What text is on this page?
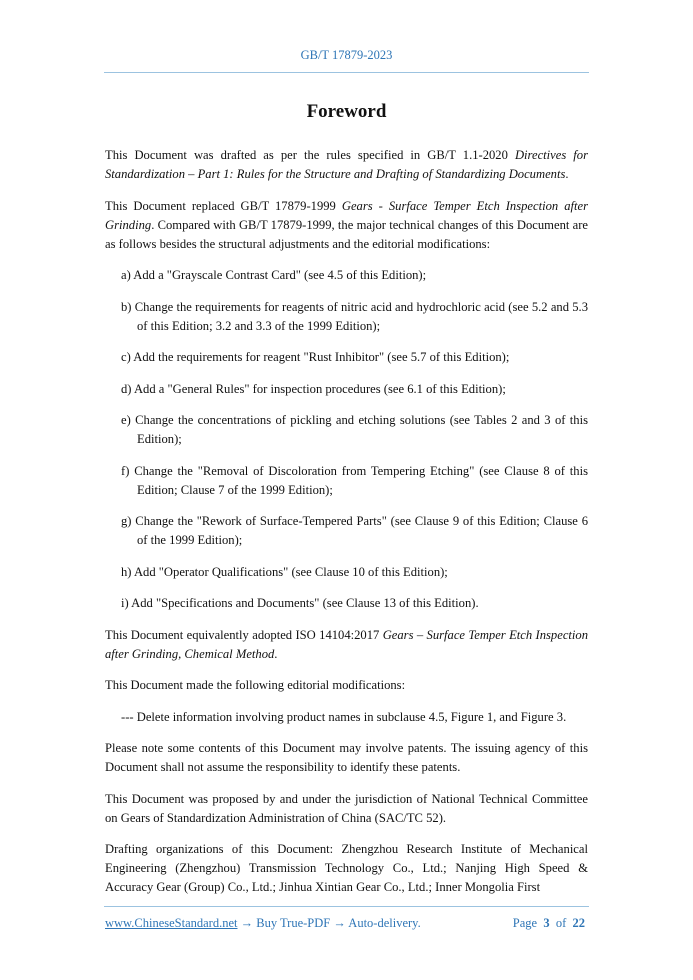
GB/T 17879-2023
Foreword

This Document was drafted as per the rules specified in GB/T 1.1-2020 Directives for Standardization – Part 1: Rules for the Structure and Drafting of Standardizing Documents.

This Document replaced GB/T 17879-1999 Gears - Surface Temper Etch Inspection after Grinding. Compared with GB/T 17879-1999, the major technical changes of this Document are as follows besides the structural adjustments and the editorial modifications:

a) Add a "Grayscale Contrast Card" (see 4.5 of this Edition);

b) Change the requirements for reagents of nitric acid and hydrochloric acid (see 5.2 and 5.3 of this Edition; 3.2 and 3.3 of the 1999 Edition);

c) Add the requirements for reagent "Rust Inhibitor" (see 5.7 of this Edition);

d) Add a "General Rules" for inspection procedures (see 6.1 of this Edition);

e) Change the concentrations of pickling and etching solutions (see Tables 2 and 3 of this Edition);

f) Change the "Removal of Discoloration from Tempering Etching" (see Clause 8 of this Edition; Clause 7 of the 1999 Edition);

g) Change the "Rework of Surface-Tempered Parts" (see Clause 9 of this Edition; Clause 6 of the 1999 Edition);

h) Add "Operator Qualifications" (see Clause 10 of this Edition);

i) Add "Specifications and Documents" (see Clause 13 of this Edition).

This Document equivalently adopted ISO 14104:2017 Gears – Surface Temper Etch Inspection after Grinding, Chemical Method.

This Document made the following editorial modifications:

--- Delete information involving product names in subclause 4.5, Figure 1, and Figure 3.

Please note some contents of this Document may involve patents. The issuing agency of this Document shall not assume the responsibility to identify these patents.

This Document was proposed by and under the jurisdiction of National Technical Committee on Gears of Standardization Administration of China (SAC/TC 52).

Drafting organizations of this Document: Zhengzhou Research Institute of Mechanical Engineering (Zhengzhou) Transmission Technology Co., Ltd.; Nanjing High Speed & Accuracy Gear (Group) Co., Ltd.; Jinhua Xintian Gear Co., Ltd.; Inner Mongolia First

www.ChineseStandard.net → Buy True-PDF → Auto-delivery.	Page 3 of 22
